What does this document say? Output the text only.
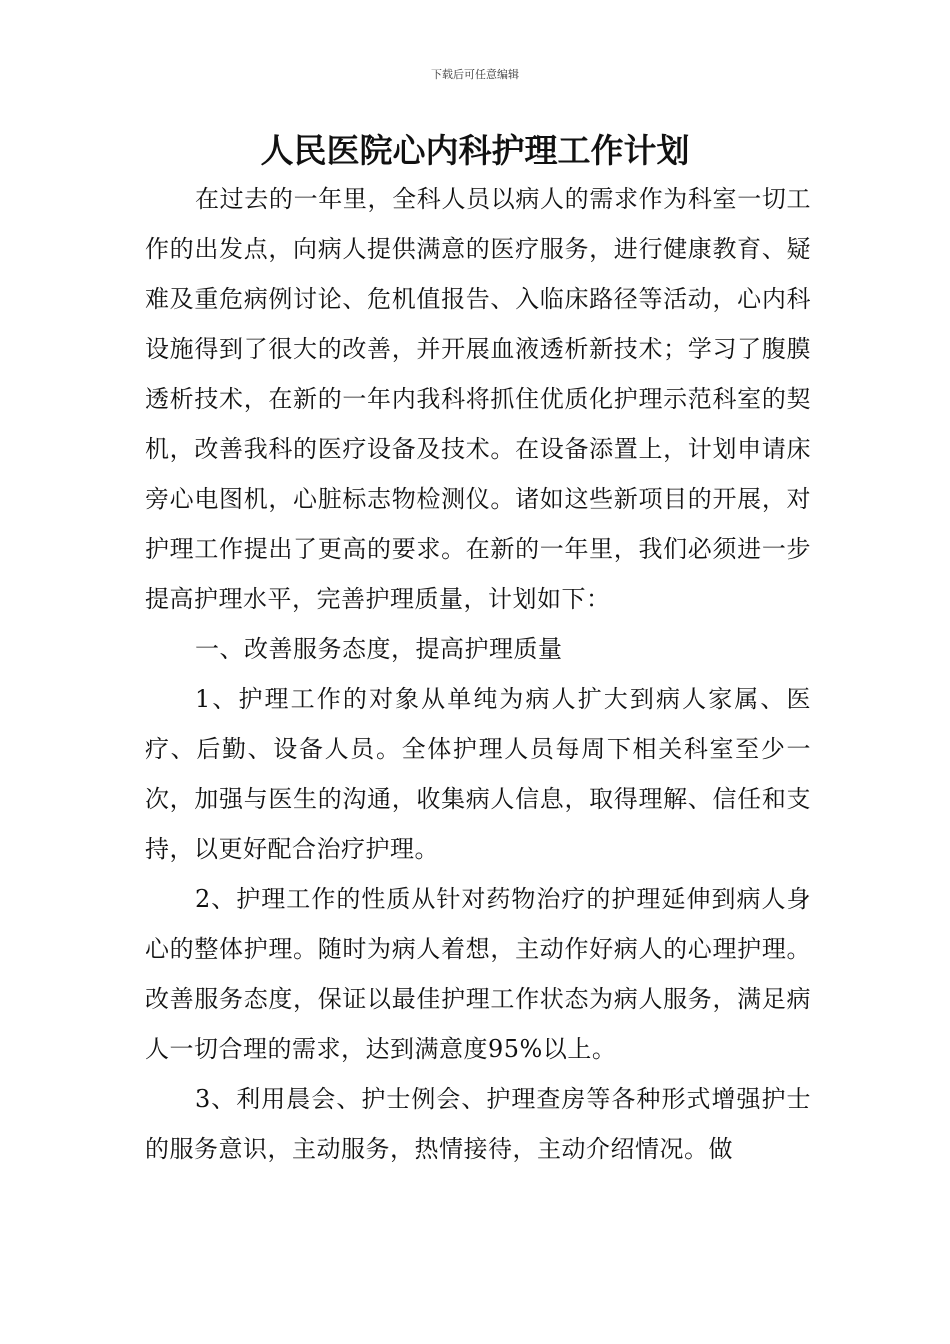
下载后可任意编辑
人民医院心内科护理工作计划

在过去的一年里，全科人员以病人的需求作为科室一切工作的出发点，向病人提供满意的医疗服务，进行健康教育、疑难及重危病例讨论、危机值报告、入临床路径等活动，心内科设施得到了很大的改善，并开展血液透析新技术；学习了腹膜透析技术，在新的一年内我科将抓住优质化护理示范科室的契机，改善我科的医疗设备及技术。在设备添置上，计划申请床旁心电图机，心脏标志物检测仪。诸如这些新项目的开展，对护理工作提出了更高的要求。在新的一年里，我们必须进一步提高护理水平，完善护理质量，计划如下：

一、改善服务态度，提高护理质量

1、护理工作的对象从单纯为病人扩大到病人家属、医疗、后勤、设备人员。全体护理人员每周下相关科室至少一次，加强与医生的沟通，收集病人信息，取得理解、信任和支持，以更好配合治疗护理。

2、护理工作的性质从针对药物治疗的护理延伸到病人身心的整体护理。随时为病人着想，主动作好病人的心理护理。改善服务态度，保证以最佳护理工作状态为病人服务，满足病人一切合理的需求，达到满意度95%以上。

3、利用晨会、护士例会、护理查房等各种形式增强护士的服务意识，主动服务，热情接待，主动介绍情况。做
